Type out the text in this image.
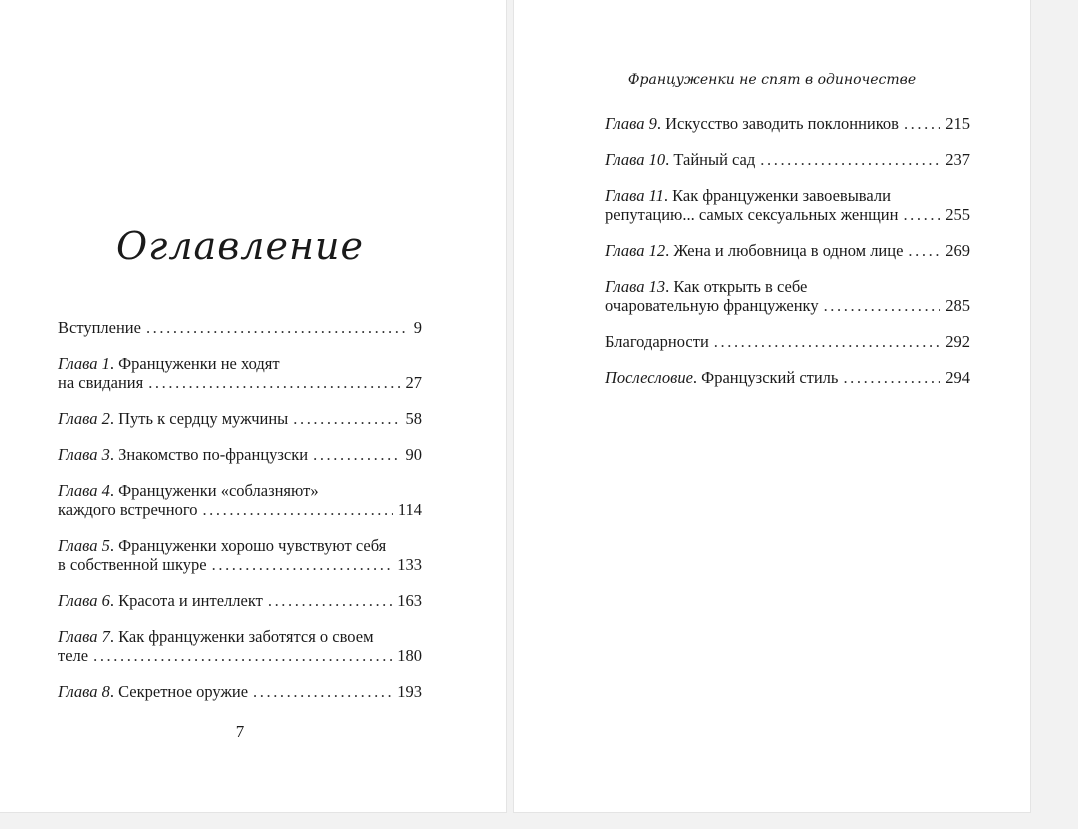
Оглавление
Вступление .....	9
Глава 1. Француженки не ходят
на свидания .....	27
Глава 2. Путь к сердцу мужчины .....	58
Глава 3. Знакомство по-французски .....	90
Глава 4. Француженки «соблазняют»
каждого встречного .....	114
Глава 5. Француженки хорошо чувствуют себя
в собственной шкуре .....	133
Глава 6. Красота и интеллект .....	163
Глава 7. Как француженки заботятся о своем
теле .....	180
Глава 8. Секретное оружие .....	193
7
Француженки не спят в одиночестве
Глава 9. Искусство заводить поклонников .....	215
Глава 10. Тайный сад .....	237
Глава 11. Как француженки завоевывали
репутацию... самых сексуальных женщин .....	255
Глава 12. Жена и любовница в одном лице .....	269
Глава 13. Как открыть в себе
очаровательную француженку .....	285
Благодарности .....	292
Послесловие. Французский стиль .....	294
